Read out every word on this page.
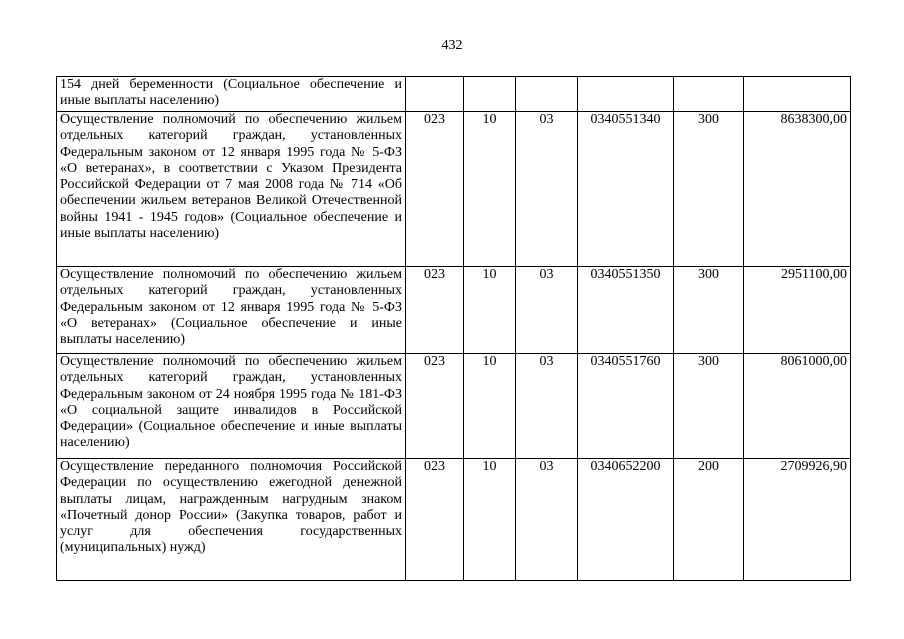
432
154 дней беременности (Социальное обеспечение и иные выплаты населению)						
Осуществление полномочий по обеспечению жильем отдельных категорий граждан, установленных Федеральным законом от 12 января 1995 года № 5-ФЗ «О ветеранах», в соответствии с Указом Президента Российской Федерации от 7 мая 2008 года № 714 «Об обеспечении жильем ветеранов Великой Отечественной войны 1941 - 1945 годов» (Социальное обеспечение и иные выплаты населению)	023	10	03	0340551340	300	8638300,00
Осуществление полномочий по обеспечению жильем отдельных категорий граждан, установленных Федеральным законом от 12 января 1995 года № 5-ФЗ «О ветеранах» (Социальное обеспечение и иные выплаты населению)	023	10	03	0340551350	300	2951100,00
Осуществление полномочий по обеспечению жильем отдельных категорий граждан, установленных Федеральным законом от 24 ноября 1995 года № 181-ФЗ «О социальной защите инвалидов в Российской Федерации» (Социальное обеспечение и иные выплаты населению)	023	10	03	0340551760	300	8061000,00
Осуществление переданного полномочия Российской Федерации по осуществлению ежегодной денежной выплаты лицам, награжденным нагрудным знаком «Почетный донор России» (Закупка товаров, работ и услуг для обеспечения государственных (муниципальных) нужд)	023	10	03	0340652200	200	2709926,90
